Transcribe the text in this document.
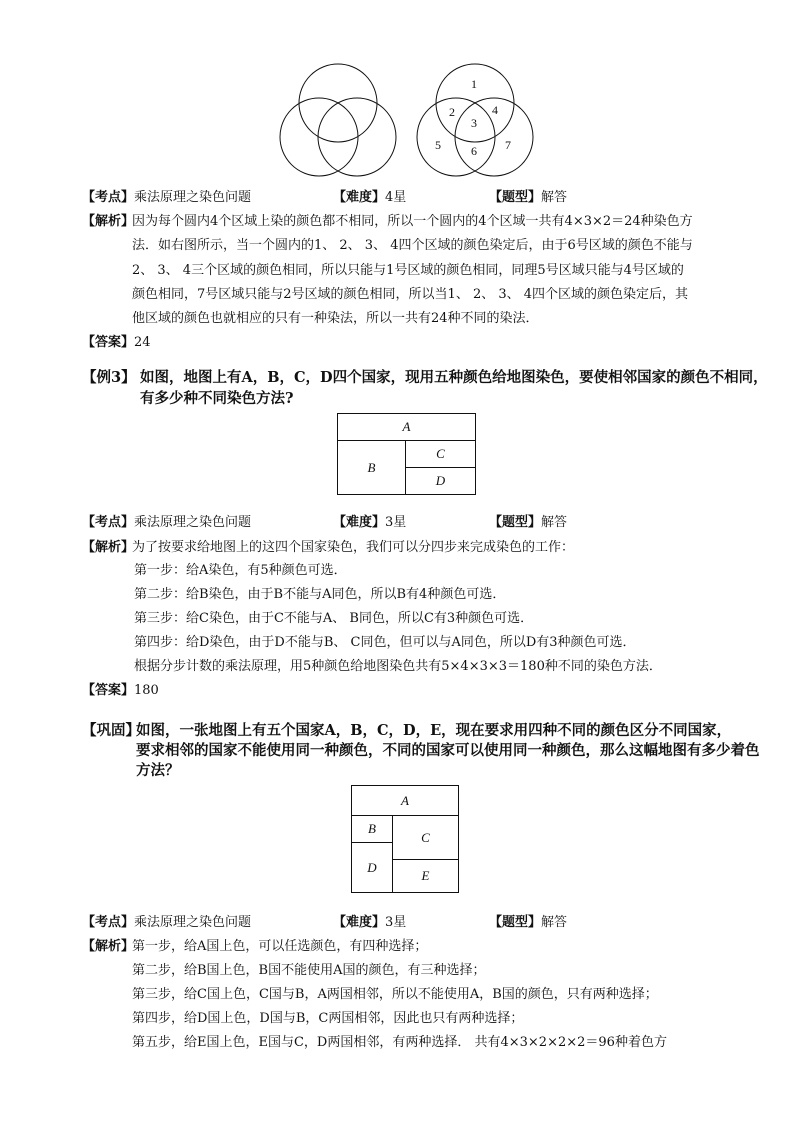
1
2
3
4
5	6 7
【考点】乘法原理之染色问题	【难度】4星	【题型】解答
【解析】
因为每个圆内4个区域上染的颜色都不相同，所以一个圆内的4个区域一共有4×3×2＝24种染色方
法．如右图所示，当一个圆内的1、 2、 3、 4四个区域的颜色染定后，由于6号区域的颜色不能与
2、 3、 4三个区域的颜色相同，所以只能与1号区域的颜色相同，同理5号区域只能与4号区域的
颜色相同，7号区域只能与2号区域的颜色相同，所以当1、 2、 3、 4四个区域的颜色染定后，其
他区域的颜色也就相应的只有一种染法，所以一共有24种不同的染法．
【答案】24
【例3】 如图，地图上有A，B，C，D四个国家，现用五种颜色给地图染色，要使相邻国家的颜色不相同，
有多少种不同染色方法?
A
B
C
D
【考点】乘法原理之染色问题	【难度】3星	【题型】解答
【解析】
为了按要求给地图上的这四个国家染色，我们可以分四步来完成染色的工作：
第一步：给A染色，有5种颜色可选．
第二步：给B染色，由于B不能与A同色，所以B有4种颜色可选．
第三步：给C染色，由于C不能与A、 B同色，所以C有3种颜色可选．
第四步：给D染色，由于D不能与B、 C同色，但可以与A同色，所以D有3种颜色可选．
根据分步计数的乘法原理，用5种颜色给地图染色共有5×4×3×3＝180种不同的染色方法．
【答案】180
【巩固】
如图，一张地图上有五个国家A，B，C，D，E，现在要求用四种不同的颜色区分不同国家，
要求相邻的国家不能使用同一种颜色，不同的国家可以使用同一种颜色，那么这幅地图有多少着色
方法？
A
B
D
C
E
【考点】乘法原理之染色问题	【难度】3星	【题型】解答
【解析】
第一步，给A国上色，可以任选颜色，有四种选择；
第二步，给B国上色，B国不能使用A国的颜色，有三种选择；
第三步，给C国上色，C国与B，A两国相邻，所以不能使用A，B国的颜色，只有两种选择；
第四步，给D国上色，D国与B，C两国相邻，因此也只有两种选择；
第五步，给E国上色，E国与C，D两国相邻，有两种选择． 共有4×3×2×2×2＝96种着色方
